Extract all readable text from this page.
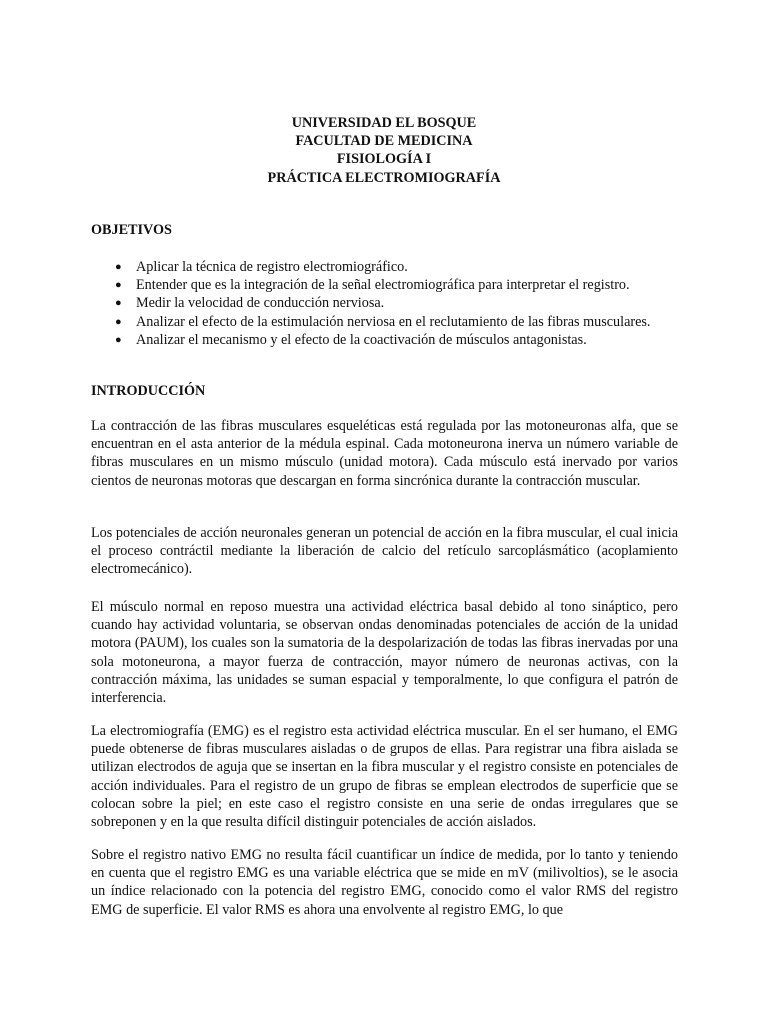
UNIVERSIDAD EL BOSQUE
FACULTAD DE MEDICINA
FISIOLOGÍA I
PRÁCTICA ELECTROMIOGRAFÍA
OBJETIVOS
● Aplicar la técnica de registro electromiográfico.
● Entender que es la integración de la señal electromiográfica para interpretar el registro.
● Medir la velocidad de conducción nerviosa.
● Analizar el efecto de la estimulación nerviosa en el reclutamiento de las fibras musculares.
● Analizar el mecanismo y el efecto de la coactivación de músculos antagonistas.
INTRODUCCIÓN

La contracción de las fibras musculares esqueléticas está regulada por las motoneuronas alfa, que se encuentran en el asta anterior de la médula espinal. Cada motoneurona inerva un número variable de fibras musculares en un mismo músculo (unidad motora). Cada músculo está inervado por varios cientos de neuronas motoras que descargan en forma sincrónica durante la contracción muscular.

Los potenciales de acción neuronales generan un potencial de acción en la fibra muscular, el cual inicia el proceso contráctil mediante la liberación de calcio del retículo sarcoplásmático (acoplamiento electromecánico).

El músculo normal en reposo muestra una actividad eléctrica basal debido al tono sináptico, pero cuando hay actividad voluntaria, se observan ondas denominadas potenciales de acción de la unidad motora (PAUM), los cuales son la sumatoria de la despolarización de todas las fibras inervadas por una sola motoneurona, a mayor fuerza de contracción, mayor número de neuronas activas, con la contracción máxima, las unidades se suman espacial y temporalmente, lo que configura el patrón de interferencia.

La electromiografía (EMG) es el registro esta actividad eléctrica muscular. En el ser humano, el EMG puede obtenerse de fibras musculares aisladas o de grupos de ellas. Para registrar una fibra aislada se utilizan electrodos de aguja que se insertan en la fibra muscular y el registro consiste en potenciales de acción individuales. Para el registro de un grupo de fibras se emplean electrodos de superficie que se colocan sobre la piel; en este caso el registro consiste en una serie de ondas irregulares que se sobreponen y en la que resulta difícil distinguir potenciales de acción aislados.

Sobre el registro nativo EMG no resulta fácil cuantificar un índice de medida, por lo tanto y teniendo en cuenta que el registro EMG es una variable eléctrica que se mide en mV (milivoltios), se le asocia un índice relacionado con la potencia del registro EMG, conocido como el valor RMS del registro EMG de superficie. El valor RMS es ahora una envolvente al registro EMG, lo que
